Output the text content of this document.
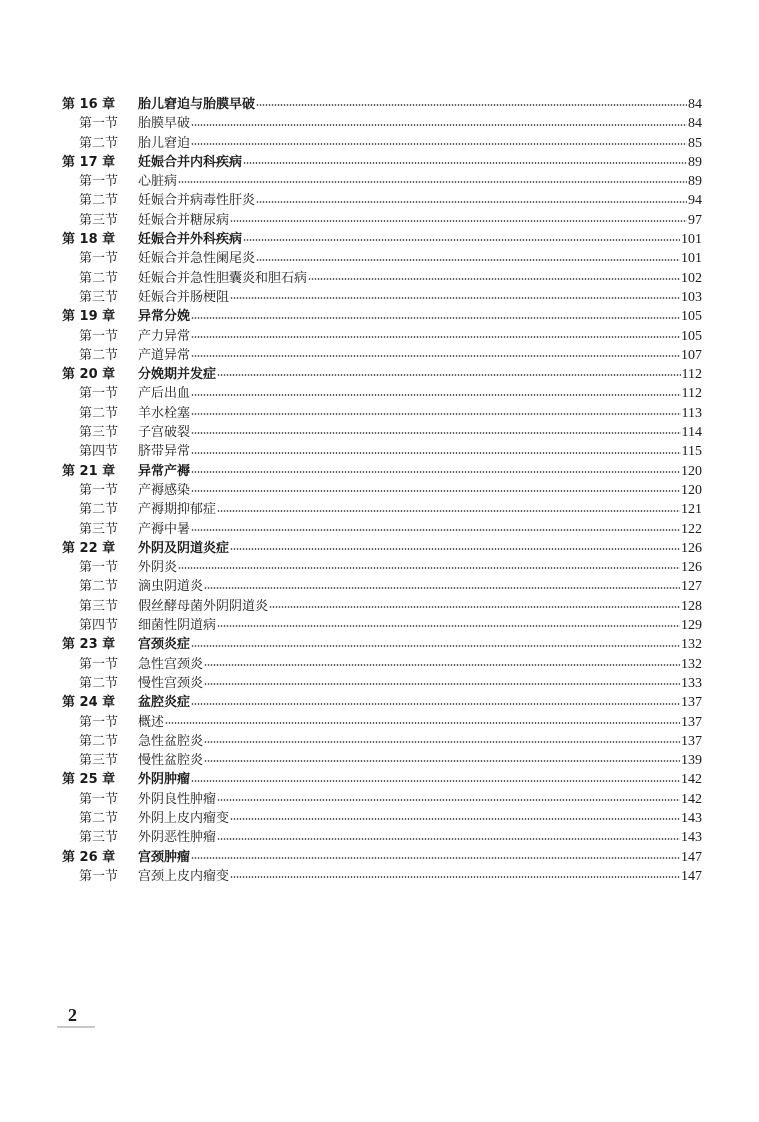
第 16 章	胎儿窘迫与胎膜早破	84
第一节	胎膜早破	84
第二节	胎儿窘迫	85
第 17 章	妊娠合并内科疾病	89
第一节	心脏病	89
第二节	妊娠合并病毒性肝炎	94
第三节	妊娠合并糖尿病	97
第 18 章	妊娠合并外科疾病	101
第一节	妊娠合并急性阑尾炎	101
第二节	妊娠合并急性胆囊炎和胆石病	102
第三节	妊娠合并肠梗阻	103
第 19 章	异常分娩	105
第一节	产力异常	105
第二节	产道异常	107
第 20 章	分娩期并发症	112
第一节	产后出血	112
第二节	羊水栓塞	113
第三节	子宫破裂	114
第四节	脐带异常	115
第 21 章	异常产褥	120
第一节	产褥感染	120
第二节	产褥期抑郁症	121
第三节	产褥中暑	122
第 22 章	外阴及阴道炎症	126
第一节	外阴炎	126
第二节	滴虫阴道炎	127
第三节	假丝酵母菌外阴阴道炎	128
第四节	细菌性阴道病	129
第 23 章	宫颈炎症	132
第一节	急性宫颈炎	132
第二节	慢性宫颈炎	133
第 24 章	盆腔炎症	137
第一节	概述	137
第二节	急性盆腔炎	137
第三节	慢性盆腔炎	139
第 25 章	外阴肿瘤	142
第一节	外阴良性肿瘤	142
第二节	外阴上皮内瘤变	143
第三节	外阴恶性肿瘤	143
第 26 章	宫颈肿瘤	147
第一节	宫颈上皮内瘤变	147
2
